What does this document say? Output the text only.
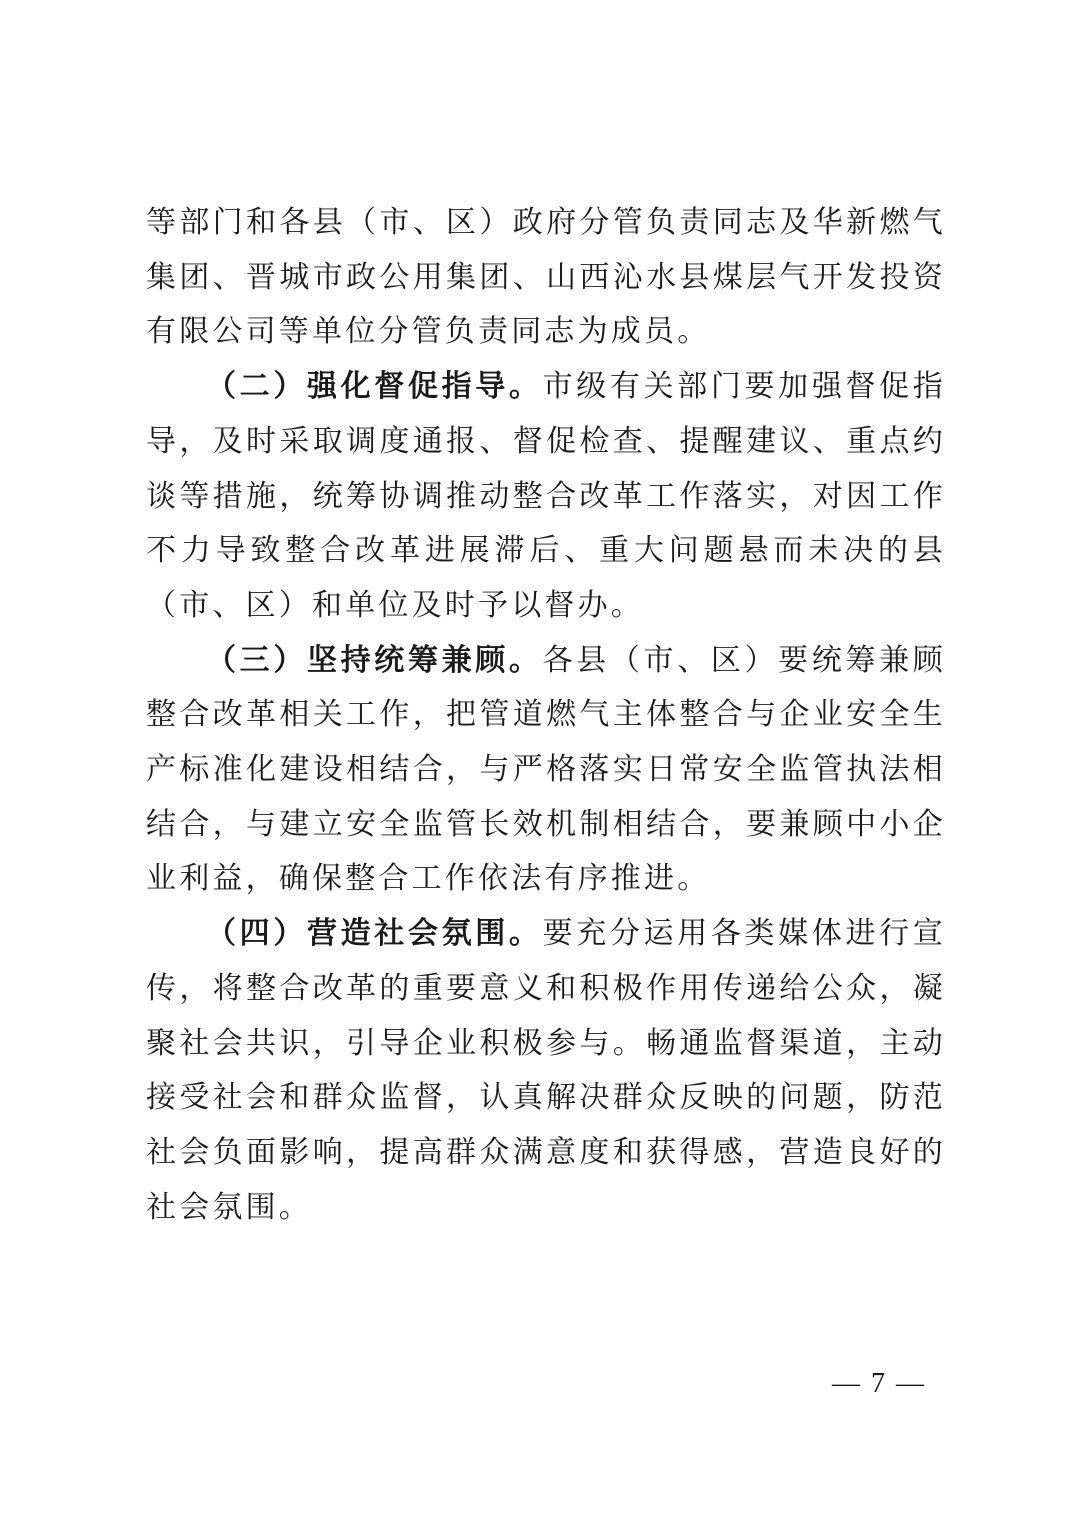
等部门和各县（市、区）政府分管负责同志及华新燃气集团、晋城市政公用集团、山西沁水县煤层气开发投资有限公司等单位分管负责同志为成员。

（二）强化督促指导。市级有关部门要加强督促指导，及时采取调度通报、督促检查、提醒建议、重点约谈等措施，统筹协调推动整合改革工作落实，对因工作不力导致整合改革进展滞后、重大问题悬而未决的县（市、区）和单位及时予以督办。

（三）坚持统筹兼顾。各县（市、区）要统筹兼顾整合改革相关工作，把管道燃气主体整合与企业安全生产标准化建设相结合，与严格落实日常安全监管执法相结合，与建立安全监管长效机制相结合，要兼顾中小企业利益，确保整合工作依法有序推进。

（四）营造社会氛围。要充分运用各类媒体进行宣传，将整合改革的重要意义和积极作用传递给公众，凝聚社会共识，引导企业积极参与。畅通监督渠道，主动接受社会和群众监督，认真解决群众反映的问题，防范社会负面影响，提高群众满意度和获得感，营造良好的社会氛围。

— 7 —
